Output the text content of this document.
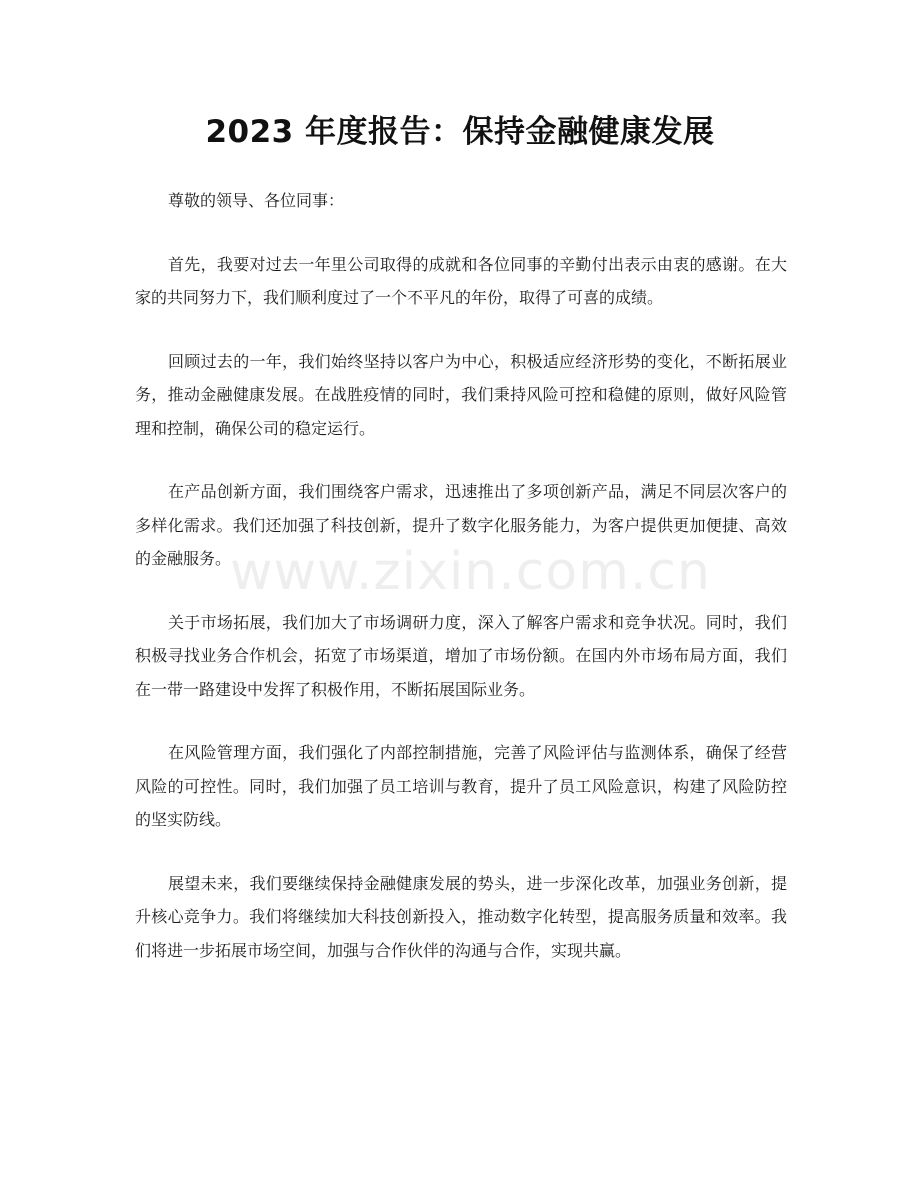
2023 年度报告：保持金融健康发展

尊敬的领导、各位同事：

首先，我要对过去一年里公司取得的成就和各位同事的辛勤付出表示由衷的感谢。在大家的共同努力下，我们顺利度过了一个不平凡的年份，取得了可喜的成绩。

回顾过去的一年，我们始终坚持以客户为中心，积极适应经济形势的变化，不断拓展业务，推动金融健康发展。在战胜疫情的同时，我们秉持风险可控和稳健的原则，做好风险管理和控制，确保公司的稳定运行。

在产品创新方面，我们围绕客户需求，迅速推出了多项创新产品，满足不同层次客户的多样化需求。我们还加强了科技创新，提升了数字化服务能力，为客户提供更加便捷、高效的金融服务。

关于市场拓展，我们加大了市场调研力度，深入了解客户需求和竞争状况。同时，我们积极寻找业务合作机会，拓宽了市场渠道，增加了市场份额。在国内外市场布局方面，我们在一带一路建设中发挥了积极作用，不断拓展国际业务。

在风险管理方面，我们强化了内部控制措施，完善了风险评估与监测体系，确保了经营风险的可控性。同时，我们加强了员工培训与教育，提升了员工风险意识，构建了风险防控的坚实防线。

展望未来，我们要继续保持金融健康发展的势头，进一步深化改革，加强业务创新，提升核心竞争力。我们将继续加大科技创新投入，推动数字化转型，提高服务质量和效率。我们将进一步拓展市场空间，加强与合作伙伴的沟通与合作，实现共赢。

www.zixin.com.cn
